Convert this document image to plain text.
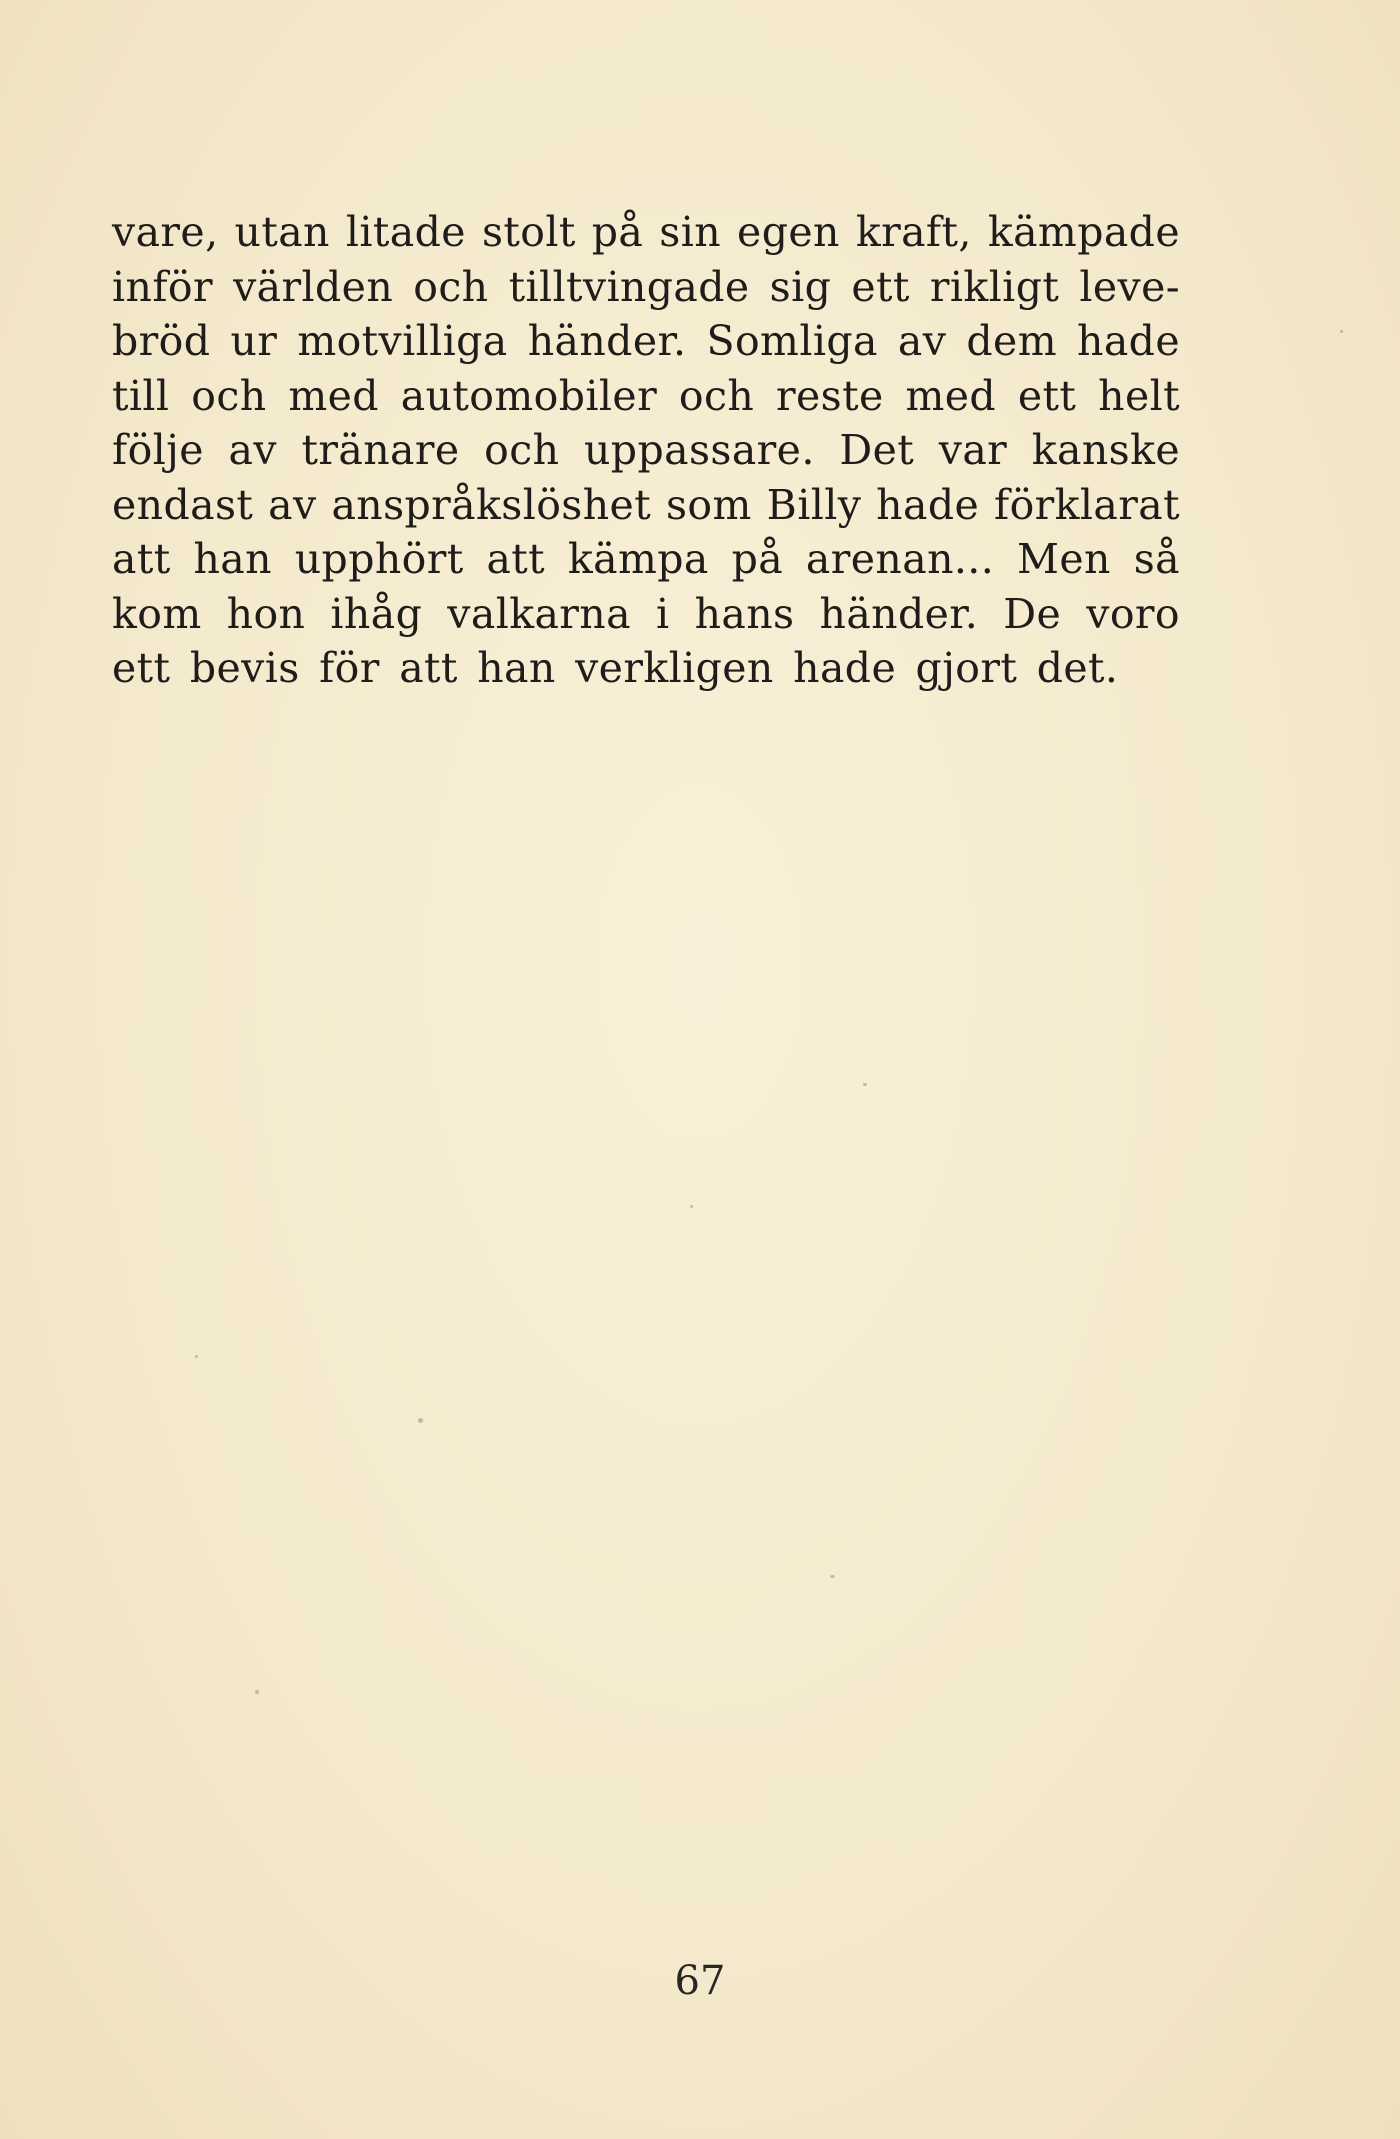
vare, utan litade stolt på sin egen kraft, kämpade
inför världen och tilltvingade sig ett rikligt leve-
bröd ur motvilliga händer. Somliga av dem hade
till och med automobiler och reste med ett helt
följe av tränare och uppassare. Det var kanske
endast av anspråkslöshet som Billy hade förklarat
att han upphört att kämpa på arenan... Men så
kom hon ihåg valkarna i hans händer. De voro
ett bevis för att han verkligen hade gjort det.
67
